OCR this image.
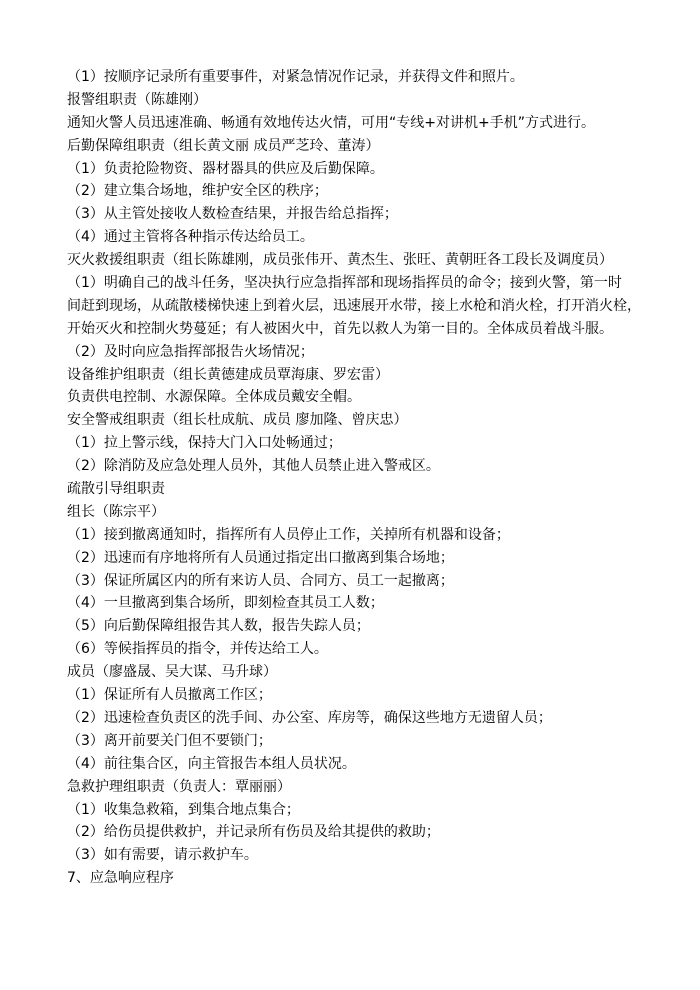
（1）按顺序记录所有重要事件，对紧急情况作记录，并获得文件和照片。
报警组职责（陈雄刚）
通知火警人员迅速准确、畅通有效地传达火情，可用“专线+对讲机+手机”方式进行。
后勤保障组职责（组长黄文丽 成员严芝玲、董涛）
（1）负责抢险物资、器材器具的供应及后勤保障。
（2）建立集合场地，维护安全区的秩序；
（3）从主管处接收人数检查结果，并报告给总指挥；
（4）通过主管将各种指示传达给员工。
灭火救援组职责（组长陈雄刚，成员张伟开、黄杰生、张旺、黄朝旺各工段长及调度员）
（1）明确自己的战斗任务，坚决执行应急指挥部和现场指挥员的命令；接到火警，第一时
间赶到现场，从疏散楼梯快速上到着火层，迅速展开水带，接上水枪和消火栓，打开消火栓，
开始灭火和控制火势蔓延；有人被困火中，首先以救人为第一目的。全体成员着战斗服。
（2）及时向应急指挥部报告火场情况；
设备维护组职责（组长黄德建成员覃海康、罗宏雷）
负责供电控制、水源保障。全体成员戴安全帽。
安全警戒组职责（组长杜成航、成员 廖加隆、曾庆忠）
（1）拉上警示线，保持大门入口处畅通过；
（2）除消防及应急处理人员外，其他人员禁止进入警戒区。
疏散引导组职责
组长（陈宗平）
（1）接到撤离通知时，指挥所有人员停止工作，关掉所有机器和设备；
（2）迅速而有序地将所有人员通过指定出口撤离到集合场地；
（3）保证所属区内的所有来访人员、合同方、员工一起撤离；
（4）一旦撤离到集合场所，即刻检查其员工人数；
（5）向后勤保障组报告其人数，报告失踪人员；
（6）等候指挥员的指令，并传达给工人。
成员（廖盛晟、吴大谋、马升球）
（1）保证所有人员撤离工作区；
（2）迅速检查负责区的洗手间、办公室、库房等，确保这些地方无遗留人员；
（3）离开前要关门但不要锁门；
（4）前往集合区，向主管报告本组人员状况。
急救护理组职责（负责人：覃丽丽）
（1）收集急救箱，到集合地点集合；
（2）给伤员提供救护，并记录所有伤员及给其提供的救助；
（3）如有需要，请示救护车。
7、应急响应程序
